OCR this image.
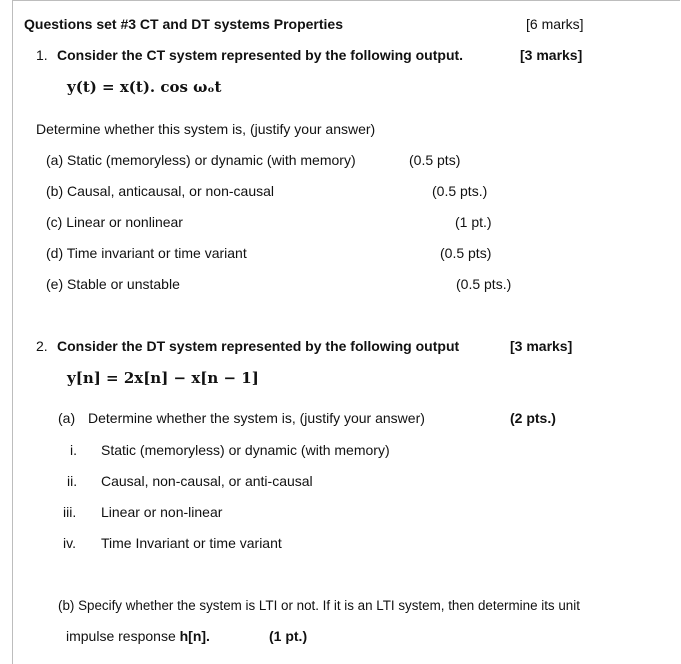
Questions set #3 CT and DT systems Properties	[6 marks]
1. Consider the CT system represented by the following output.	[3 marks]
y(t) = x(t). cos ωₒt
Determine whether this system is, (justify your answer)
(a) Static (memoryless) or dynamic (with memory)	(0.5 pts)
(b) Causal, anticausal, or non-causal	(0.5 pts.)
(c) Linear or nonlinear	(1 pt.)
(d) Time invariant or time variant	(0.5 pts)
(e) Stable or unstable	(0.5 pts.)
2. Consider the DT system represented by the following output	[3 marks]
y[n] = 2x[n] − x[n − 1]
(a) Determine whether the system is, (justify your answer)	(2 pts.)
i. Static (memoryless) or dynamic (with memory)
ii. Causal, non-causal, or anti-causal
iii. Linear or non-linear
iv. Time Invariant or time variant
(b) Specify whether the system is LTI or not. If it is an LTI system, then determine its unit
impulse response h[n].	(1 pt.)
